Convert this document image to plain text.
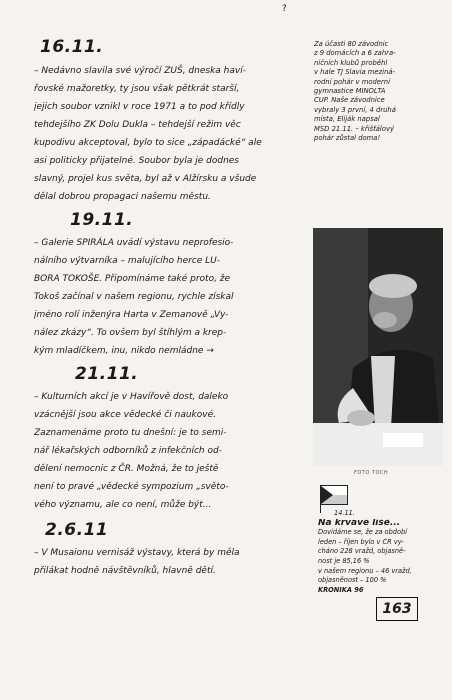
?
16.11.
– Nedávno slavila své výročí ZUŠ, dneska haví-
řovské mažoretky, ty jsou však pětkrát starší,
jejich soubor vznikl v roce 1971 a to pod křídly
tehdejšího ZK Dolu Dukla – tehdejší režim věc
kupodivu akceptoval, bylo to sice „západácké“ ale
asi politicky přijatelné. Soubor byla je dodnes
slavný, projel kus světa, byl až v Alžírsku a všude
dělal dobrou propagaci našemu městu.
19.11.
– Galerie SPIRÁLA uvádí výstavu neprofesio-
nálního výtvarníka – malujícího herce LU-
BORA TOKOŠE. Připomínáme také proto, že
Tokoš začínal v našem regionu, rychle získal
jméno rolí inženýra Harta v Zemanově „Vy-
nález zkázy“. To ovšem byl štíhlým a krep-
kým mladíčkem, inu, nikdo nemládne →
21.11.
– Kulturních akcí je v Havířově dost, daleko
vzácnější jsou akce vědecké či naukové.
Zaznamenáme proto tu dnešní: je to semi-
nář lékařských odborníků z infekčních od-
dělení nemocnic z ČR. Možná, že to ještě
není to pravé „vědecké sympozium „světo-
vého významu, ale co není, může být...
2.6.11
– V Musaionu vernisáž výstavy, která by měla
přilákat hodně návštěvníků, hlavně dětí.
Za účasti 80 závodnic
z 9 domácích a 6 zahra-
ničních klubů proběhl
v hale TJ Slavia meziná-
rodní pohár v moderní
gymnastice MINOLTA
CUP. Naše závodnice
vybraly 3 první, 4 druhá
místa, Eliják napsal
MSD 21.11. – křišťálový
pohár zůstal doma!
FOTO TOCH
14.11.
Na krvavé lišě...
Dovídáme se, že za období
leden – říjen bylo v ČR vy-
cháno 228 vražd, objasně-
nost je 85,16 %
v našem regionu – 46 vražd,
objasněnost – 100 %
KRONIKA 96
163
